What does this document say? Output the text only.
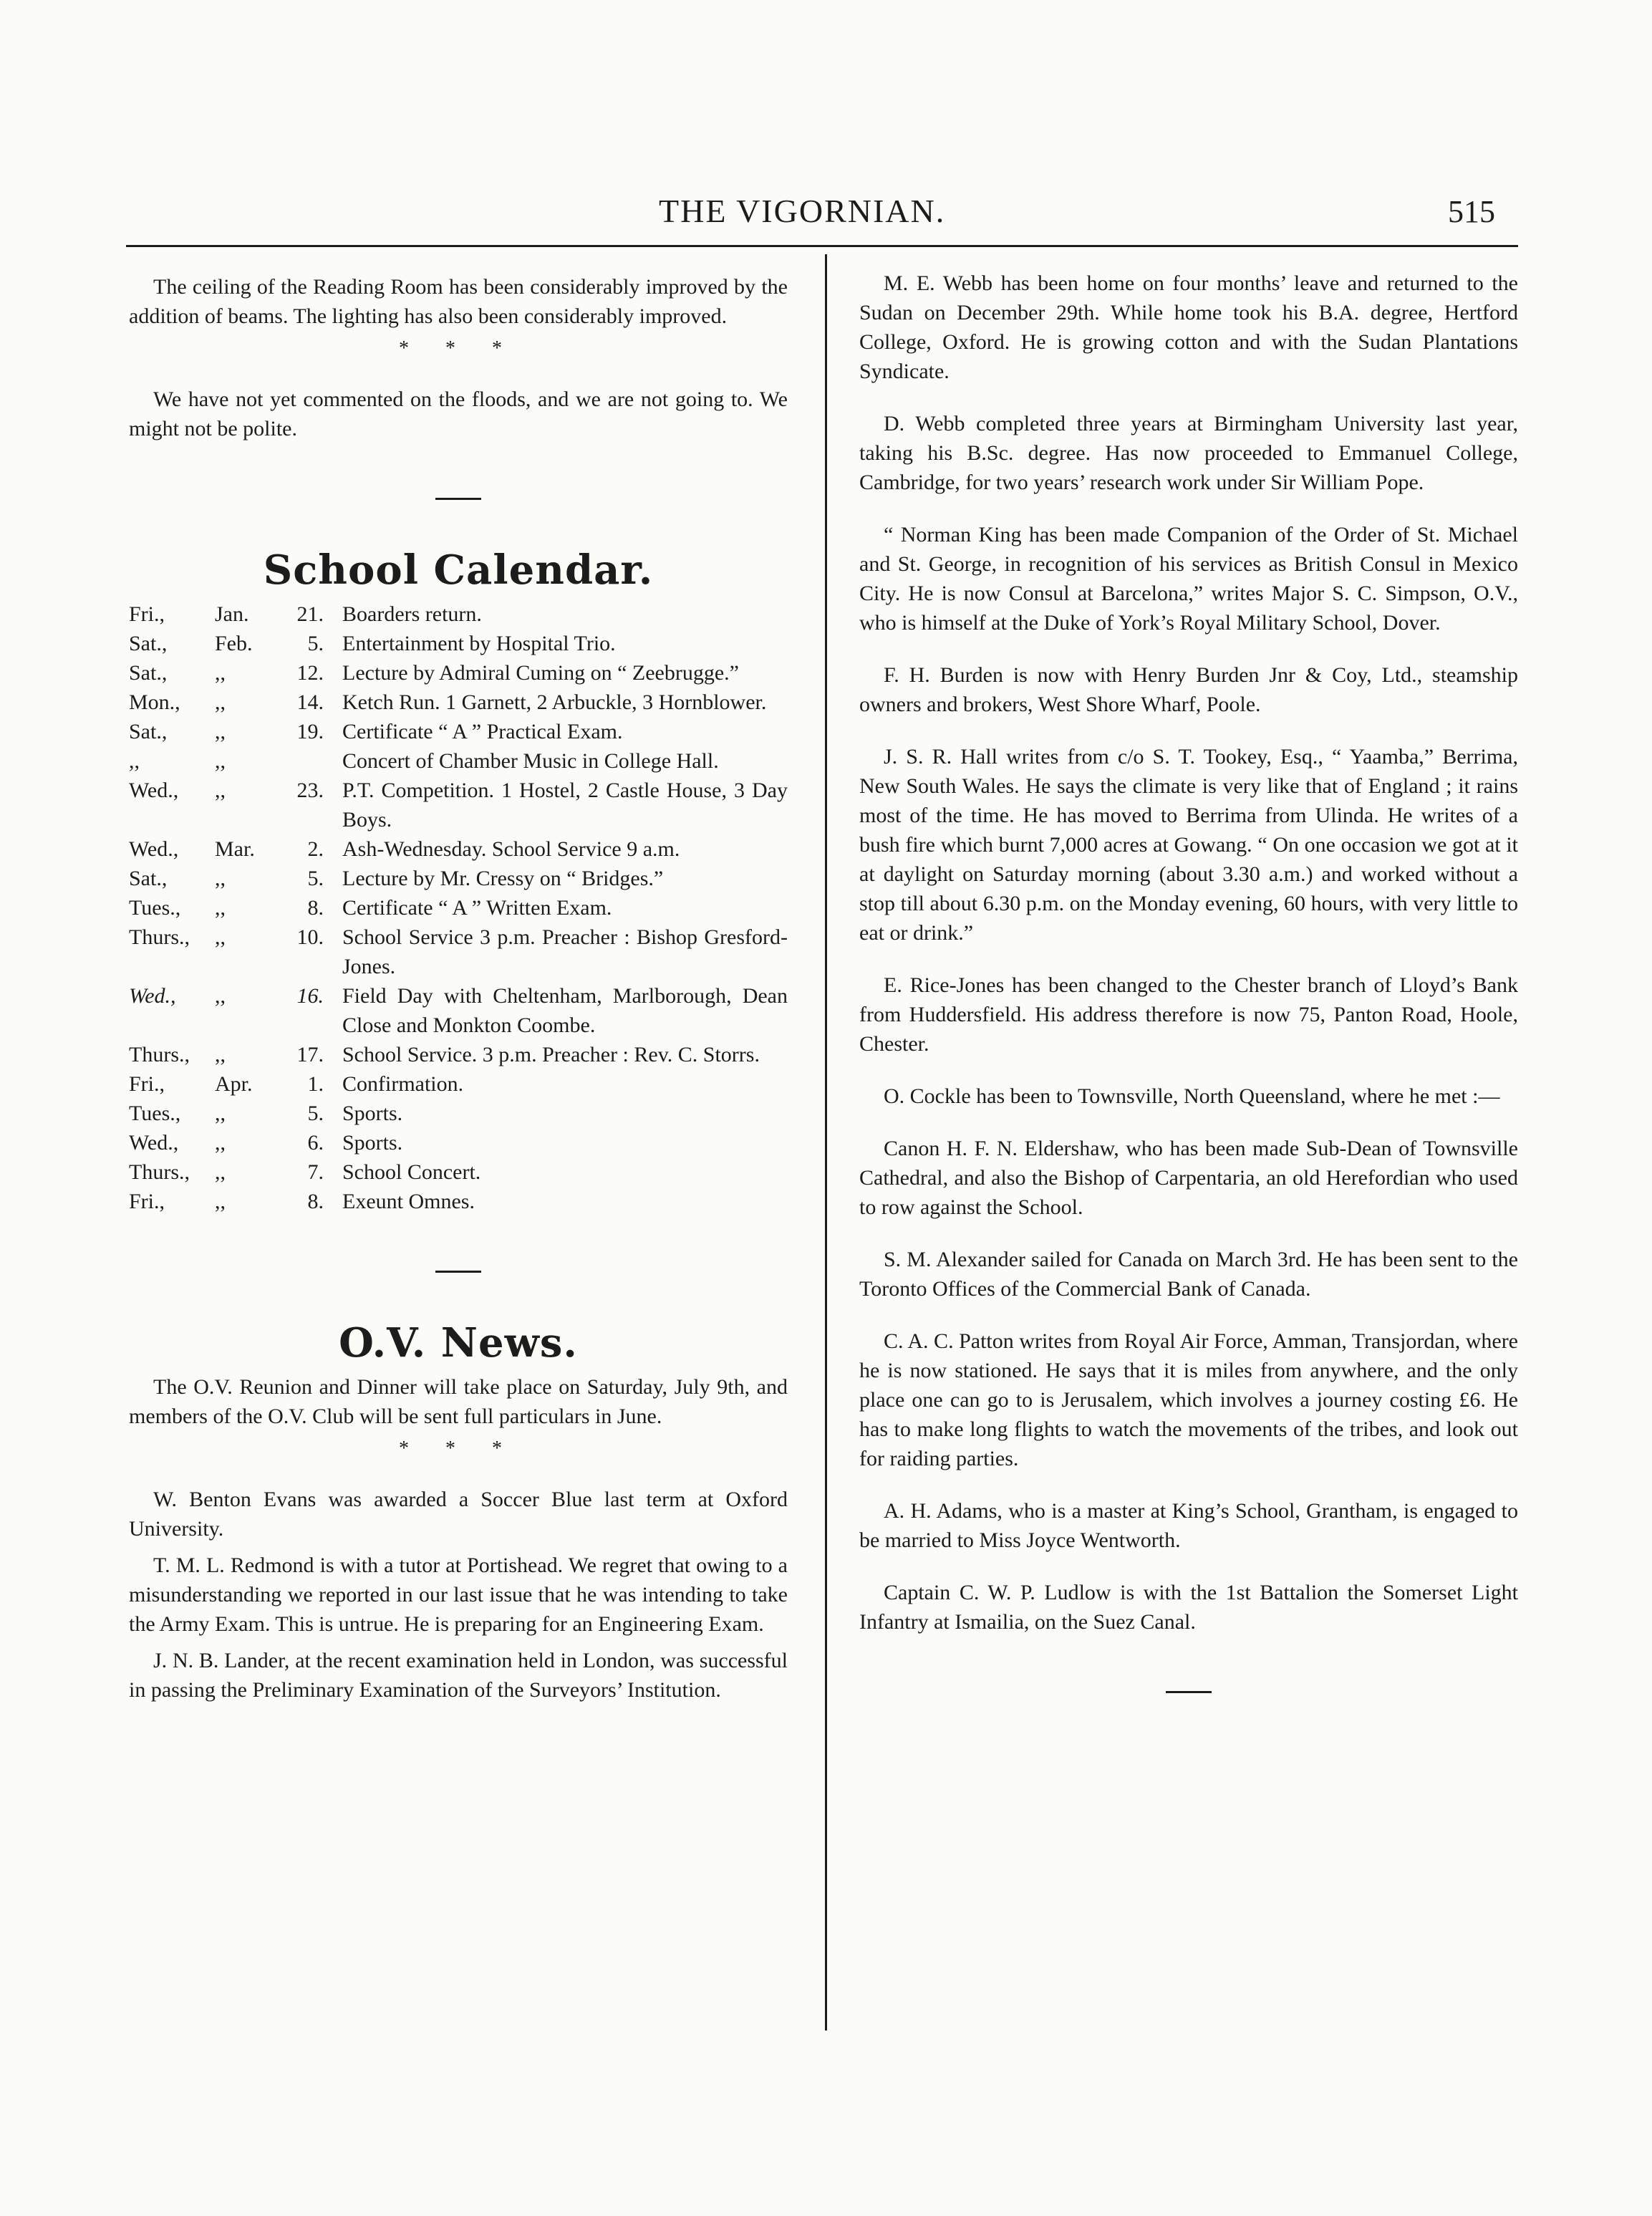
THE VIGORNIAN.	515

The ceiling of the Reading Room has been considerably improved by the addition of beams. The lighting has also been considerably improved.

* * *

We have not yet commented on the floods, and we are not going to. We might not be polite.

School Calendar.
Fri.,	Jan.	21. Boarders return.
Sat.,	Feb.	5. Entertainment by Hospital Trio.
Sat.,	,,	12. Lecture by Admiral Cuming on “ Zeebrugge.”
Mon.,	,,	14. Ketch Run. 1 Garnett, 2 Arbuckle, 3 Hornblower.
Sat.,	,,	19. Certificate “ A ” Practical Exam.
,,	,,	Concert of Chamber Music in College Hall.
Wed.,	,,	23. P.T. Competition. 1 Hostel, 2 Castle House, 3 Day Boys.
Wed.,	Mar.	2. Ash-Wednesday. School Service 9 a.m.
Sat.,	,,	5. Lecture by Mr. Cressy on “ Bridges.”
Tues.,	,,	8. Certificate “ A ” Written Exam.
Thurs.,	,,	10. School Service 3 p.m. Preacher : Bishop Gresford-Jones.
Wed.,	,,	16. Field Day with Cheltenham, Marlborough, Dean Close and Monkton Coombe.
Thurs.,	,,	17. School Service. 3 p.m. Preacher : Rev. C. Storrs.
Fri.,	Apr.	1. Confirmation.
Tues.,	,,	5. Sports.
Wed.,	,,	6. Sports.
Thurs.,	,,	7. School Concert.
Fri.,	,,	8. Exeunt Omnes.
O.V. News.

The O.V. Reunion and Dinner will take place on Saturday, July 9th, and members of the O.V. Club will be sent full particulars in June.

* * *

W. Benton Evans was awarded a Soccer Blue last term at Oxford University.

T. M. L. Redmond is with a tutor at Portishead. We regret that owing to a misunderstanding we reported in our last issue that he was intending to take the Army Exam. This is untrue. He is preparing for an Engineering Exam.

J. N. B. Lander, at the recent examination held in London, was successful in passing the Preliminary Examination of the Surveyors’ Institution.

M. E. Webb has been home on four months’ leave and returned to the Sudan on December 29th. While home took his B.A. degree, Hertford College, Oxford. He is growing cotton and with the Sudan Plantations Syndicate.

D. Webb completed three years at Birmingham University last year, taking his B.Sc. degree. Has now proceeded to Emmanuel College, Cambridge, for two years’ research work under Sir William Pope.

“ Norman King has been made Companion of the Order of St. Michael and St. George, in recognition of his services as British Consul in Mexico City. He is now Consul at Barcelona,” writes Major S. C. Simpson, O.V., who is himself at the Duke of York’s Royal Military School, Dover.

F. H. Burden is now with Henry Burden Jnr & Coy, Ltd., steamship owners and brokers, West Shore Wharf, Poole.

J. S. R. Hall writes from c/o S. T. Tookey, Esq., “ Yaamba,” Berrima, New South Wales. He says the climate is very like that of England ; it rains most of the time. He has moved to Berrima from Ulinda. He writes of a bush fire which burnt 7,000 acres at Gowang. “ On one occasion we got at it at daylight on Saturday morning (about 3.30 a.m.) and worked without a stop till about 6.30 p.m. on the Monday evening, 60 hours, with very little to eat or drink.”

E. Rice-Jones has been changed to the Chester branch of Lloyd’s Bank from Huddersfield. His address therefore is now 75, Panton Road, Hoole, Chester.

O. Cockle has been to Townsville, North Queensland, where he met :—

Canon H. F. N. Eldershaw, who has been made Sub-Dean of Townsville Cathedral, and also the Bishop of Carpentaria, an old Herefordian who used to row against the School.

S. M. Alexander sailed for Canada on March 3rd. He has been sent to the Toronto Offices of the Commercial Bank of Canada.

C. A. C. Patton writes from Royal Air Force, Amman, Transjordan, where he is now stationed. He says that it is miles from anywhere, and the only place one can go to is Jerusalem, which involves a journey costing £6. He has to make long flights to watch the movements of the tribes, and look out for raiding parties.

A. H. Adams, who is a master at King’s School, Grantham, is engaged to be married to Miss Joyce Wentworth.

Captain C. W. P. Ludlow is with the 1st Battalion the Somerset Light Infantry at Ismailia, on the Suez Canal.
